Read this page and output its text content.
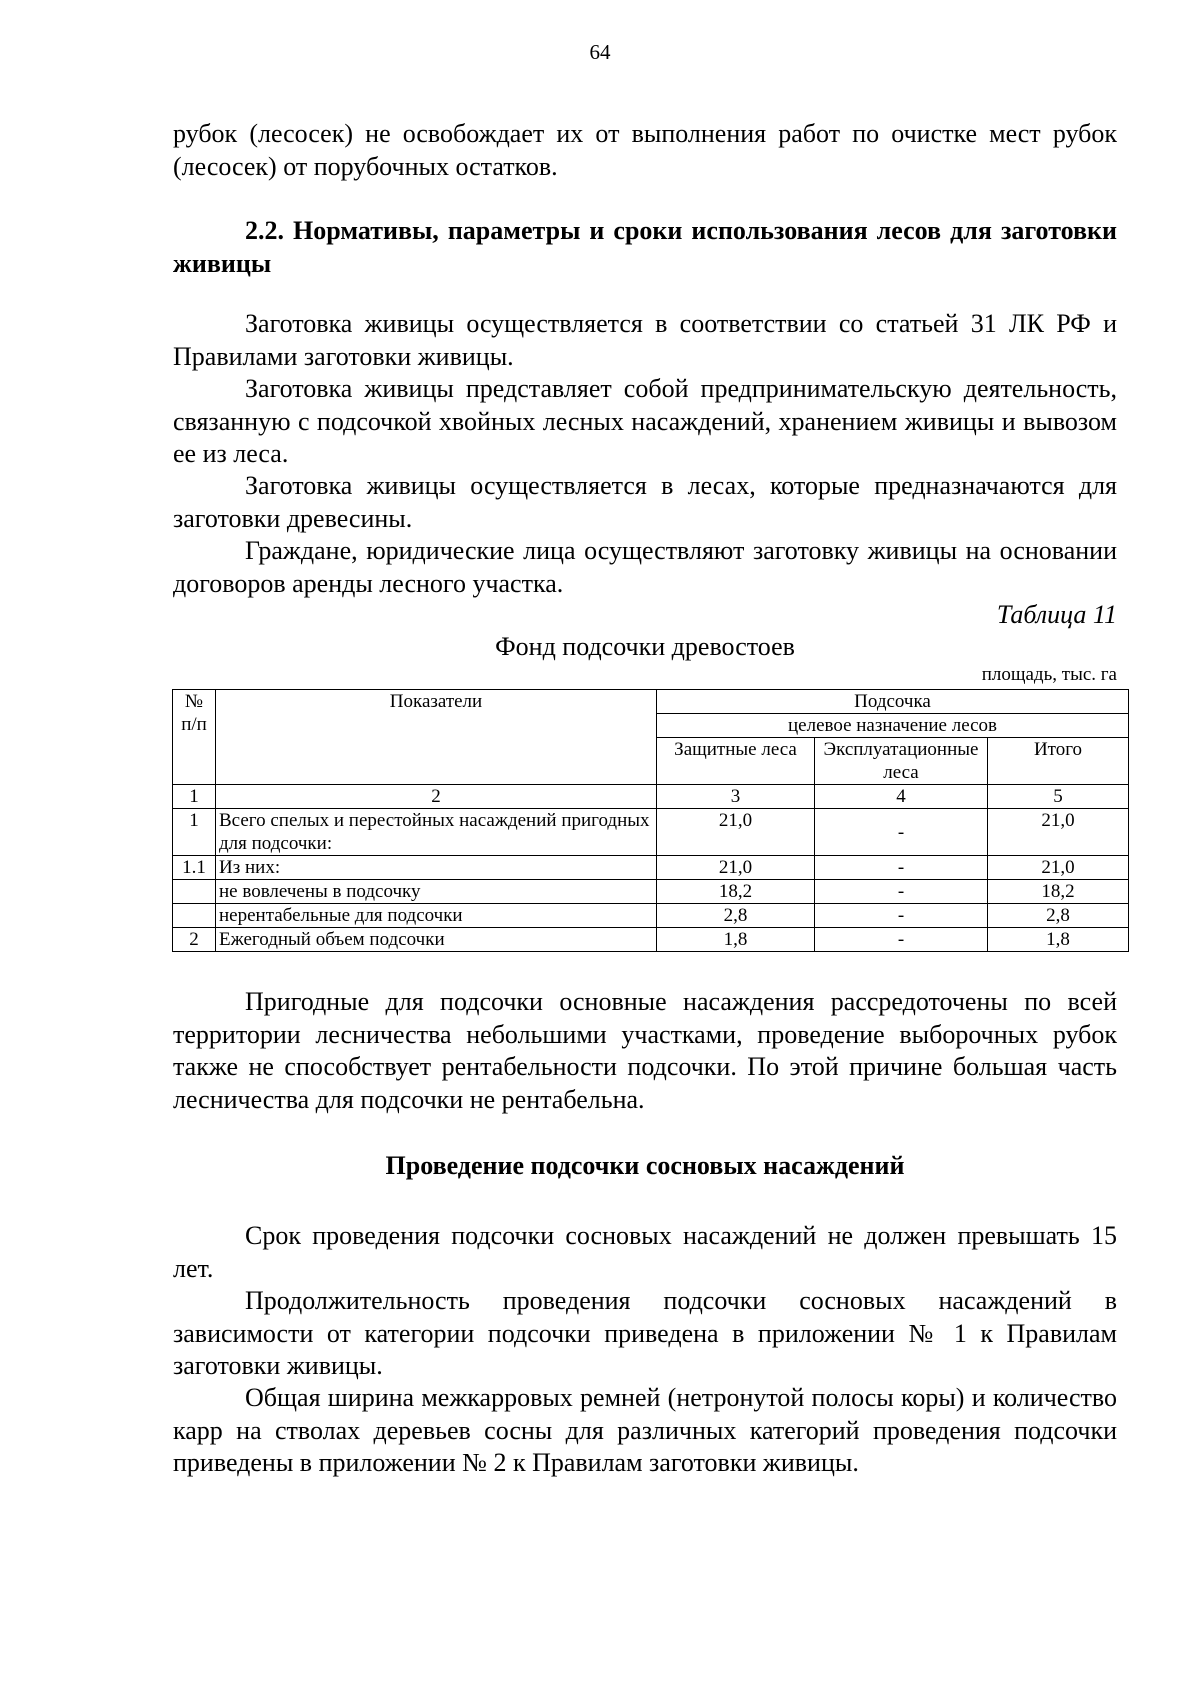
64

рубок (лесосек) не освобождает их от выполнения работ по очистке мест рубок (лесосек) от порубочных остатков.

2.2. Нормативы, параметры и сроки использования лесов для заготовки живицы

Заготовка живицы осуществляется в соответствии со статьей 31 ЛК РФ и Правилами заготовки живицы.

Заготовка живицы представляет собой предпринимательскую деятельность, связанную с подсочкой хвойных лесных насаждений, хранением живицы и вывозом ее из леса.

Заготовка живицы осуществляется в лесах, которые предназначаются для заготовки древесины.

Граждане, юридические лица осуществляют заготовку живицы на основании договоров аренды лесного участка.

Таблица 11
Фонд подсочки древостоев
площадь, тыс. га
№ п/п	Показатели	Подсочка		
		целевое назначение лесов		
		Защитные леса	Эксплуатационные леса	Итого
1	2	3	4	5
1	Всего спелых и перестойных насаждений пригодных для подсочки:	21,0	-	21,0
1.1	Из них:	21,0	-	21,0
	не вовлечены в подсочку	18,2	-	18,2
	нерентабельные для подсочки	2,8	-	2,8
2	Ежегодный объем подсочки	1,8	-	1,8

Пригодные для подсочки основные насаждения рассредоточены по всей территории лесничества небольшими участками, проведение выборочных рубок также не способствует рентабельности подсочки. По этой причине большая часть лесничества для подсочки не рентабельна.

Проведение подсочки сосновых насаждений

Срок проведения подсочки сосновых насаждений не должен превышать 15 лет.

Продолжительность проведения подсочки сосновых насаждений в зависимости от категории подсочки приведена в приложении № 1 к Правилам заготовки живицы.

Общая ширина межкарровых ремней (нетронутой полосы коры) и количество карр на стволах деревьев сосны для различных категорий проведения подсочки приведены в приложении № 2 к Правилам заготовки живицы.
